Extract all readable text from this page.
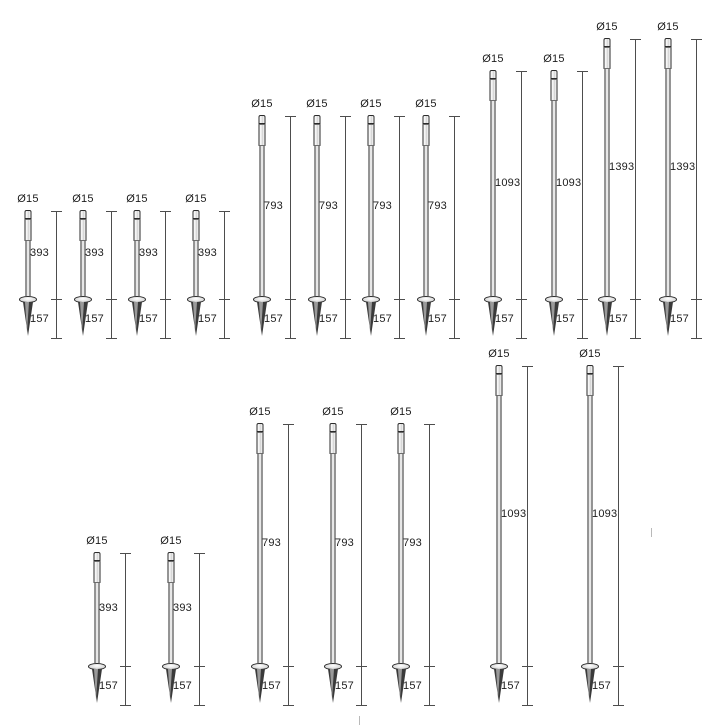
Ø15
393
157
Ø15
393
157
Ø15
393
157
Ø15
393
157
Ø15
793
157
Ø15
793
157
Ø15
793
157
Ø15
793
157
Ø15
1093
157
Ø15
1093
157
Ø15
1393
157
Ø15
1393
157
Ø15
393
157
Ø15
393
157
Ø15
793
157
Ø15
793
157
Ø15
793
157
Ø15
1093
157
Ø15
1093
157
